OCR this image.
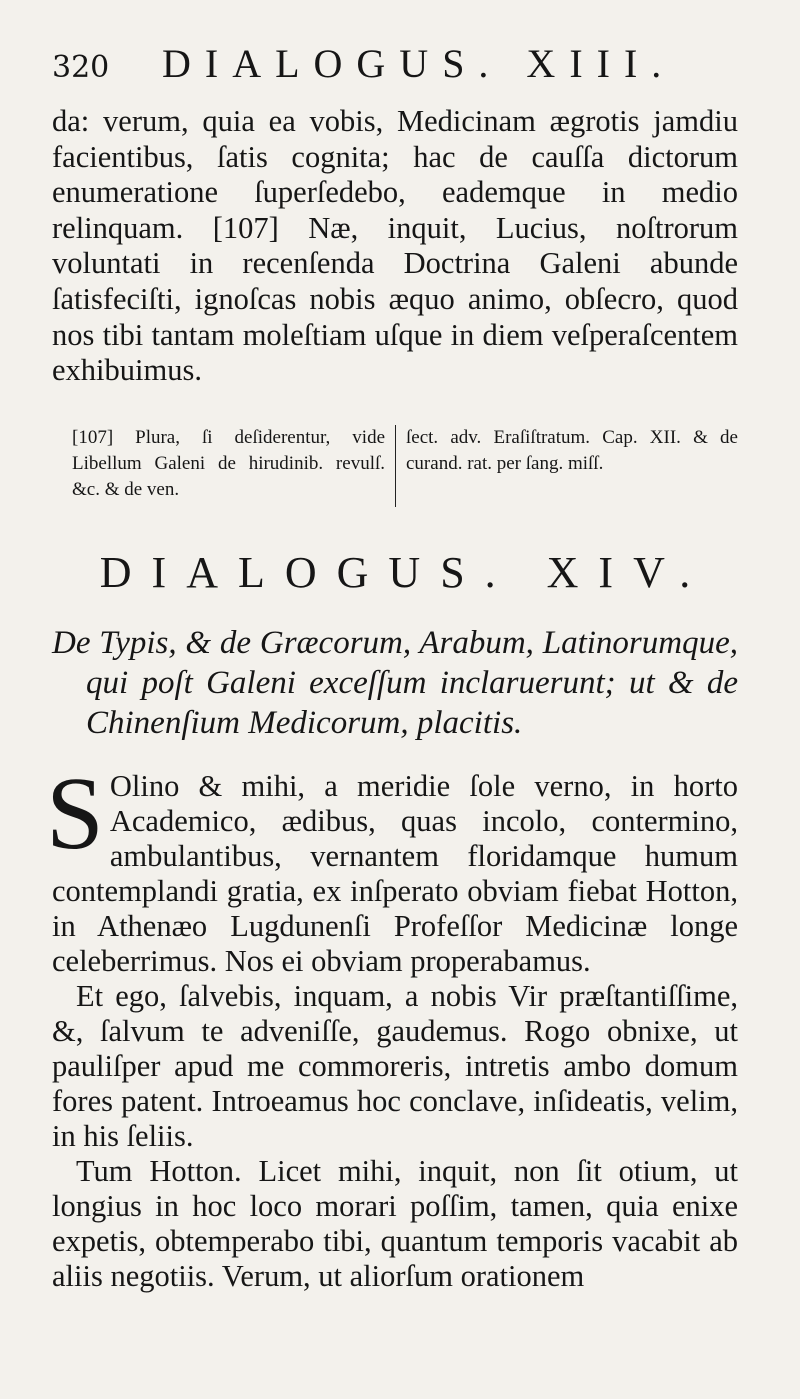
320	DIALOGUS. XIII.

da: verum, quia ea vobis, Medicinam ægrotis jamdiu facientibus, ſatis cognita; hac de cauſſa dictorum enumeratione ſuperſedebo, eademque in medio relinquam. [107] Næ, inquit, Lucius, noſtrorum voluntati in recenſenda Doctrina Galeni abunde ſatisfeciſti, ignoſcas nobis æquo animo, obſecro, quod nos tibi tantam moleſtiam uſque in diem veſperaſcentem exhibuimus.

[107] Plura, ſi deſiderentur, vide Libellum Galeni de hirudinib. revulſ. &c. & de ven.
ſect. adv. Eraſiſtratum. Cap. XII. & de curand. rat. per ſang. miſſ.
DIALOGUS. XIV.
De Typis, & de Græcorum, Arabum, Latinorumque, qui poſt Galeni exceſſum inclaruerunt; ut & de Chinenſium Medicorum, placitis.

S Olino & mihi, a meridie ſole verno, in horto Academico, ædibus, quas incolo, contermino, ambulantibus, vernantem floridamque humum contemplandi gratia, ex inſperato obviam fiebat Hotton, in Athenæo Lugdunenſi Profeſſor Medicinæ longe celeberrimus. Nos ei obviam properabamus.

Et ego, ſalvebis, inquam, a nobis Vir præſtantiſſime, &, ſalvum te adveniſſe, gaudemus. Rogo obnixe, ut pauliſper apud me commoreris, intretis ambo domum fores patent. Introeamus hoc conclave, inſideatis, velim, in his ſeliis.

Tum Hotton. Licet mihi, inquit, non ſit otium, ut longius in hoc loco morari poſſim, tamen, quia enixe expetis, obtemperabo tibi, quantum temporis vacabit ab aliis negotiis. Verum, ut aliorſum orationem
